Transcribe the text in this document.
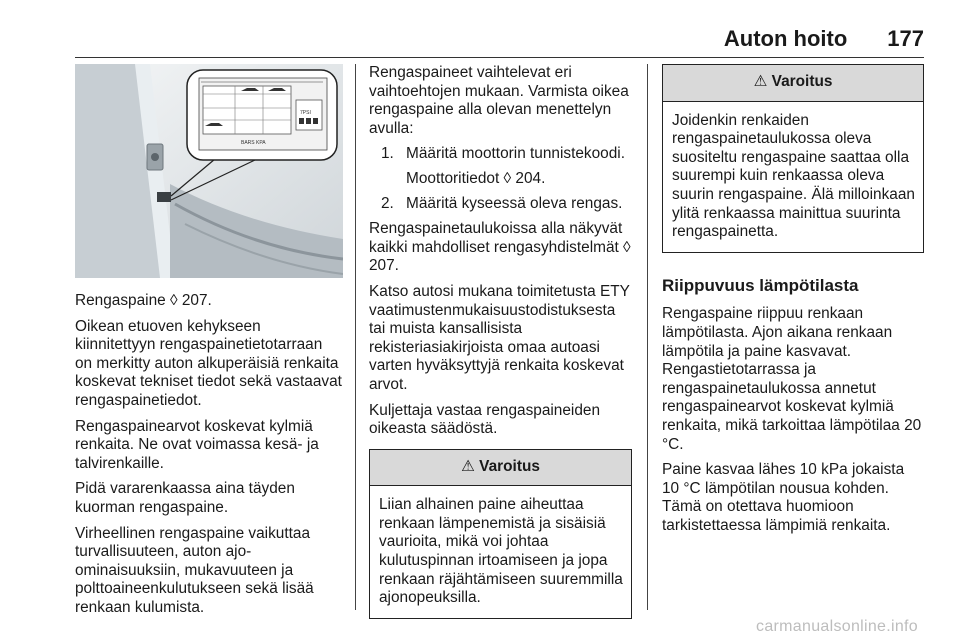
Auton hoito 177
7PSI
BARS KPA

Rengaspaine ◊ 207.

Oikean etuoven kehykseen kiinnitettyyn rengaspainetietotarraan on merkitty auton alkuperäisiä renkaita koskevat tekniset tiedot sekä vastaavat rengaspainetiedot.

Rengaspainearvot koskevat kylmiä renkaita. Ne ovat voimassa kesä- ja talvirenkaille.

Pidä vararenkaassa aina täyden kuorman rengaspaine.

Virheellinen rengaspaine vaikuttaa turvallisuuteen, auton ajo-ominaisuuksiin, mukavuuteen ja polttoaineenkulutukseen sekä lisää renkaan kulumista.

Rengaspaineet vaihtelevat eri vaihtoehtojen mukaan. Varmista oikea rengaspaine alla olevan menettelyn avulla:

1. Määritä moottorin tunnistekoodi.
Moottoritiedot ◊ 204.
2. Määritä kyseessä oleva rengas.

Rengaspainetaulukoissa alla näkyvät kaikki mahdolliset rengasyhdistelmät ◊ 207.

Katso autosi mukana toimitetusta ETY vaatimustenmukaisuustodistuksesta tai muista kansallisista rekisteriasiakirjoista omaa autoasi varten hyväksyttyjä renkaita koskevat arvot.

Kuljettaja vastaa rengaspaineiden oikeasta säädöstä.

⚠ Varoitus
Liian alhainen paine aiheuttaa renkaan lämpenemistä ja sisäisiä vaurioita, mikä voi johtaa kulutuspinnan irtoamiseen ja jopa renkaan räjähtämiseen suuremmilla ajonopeuksilla.
⚠ Varoitus
Joidenkin renkaiden rengaspainetaulukossa oleva suositeltu rengaspaine saattaa olla suurempi kuin renkaassa oleva suurin rengaspaine. Älä milloinkaan ylitä renkaassa mainittua suurinta rengaspainetta.
Riippuvuus lämpötilasta

Rengaspaine riippuu renkaan lämpötilasta. Ajon aikana renkaan lämpötila ja paine kasvavat. Rengastietotarrassa ja rengaspainetaulukossa annetut rengaspainearvot koskevat kylmiä renkaita, mikä tarkoittaa lämpötilaa 20 °C.

Paine kasvaa lähes 10 kPa jokaista 10 °C lämpötilan nousua kohden. Tämä on otettava huomioon tarkistettaessa lämpimiä renkaita.

carmanualsonline.info
